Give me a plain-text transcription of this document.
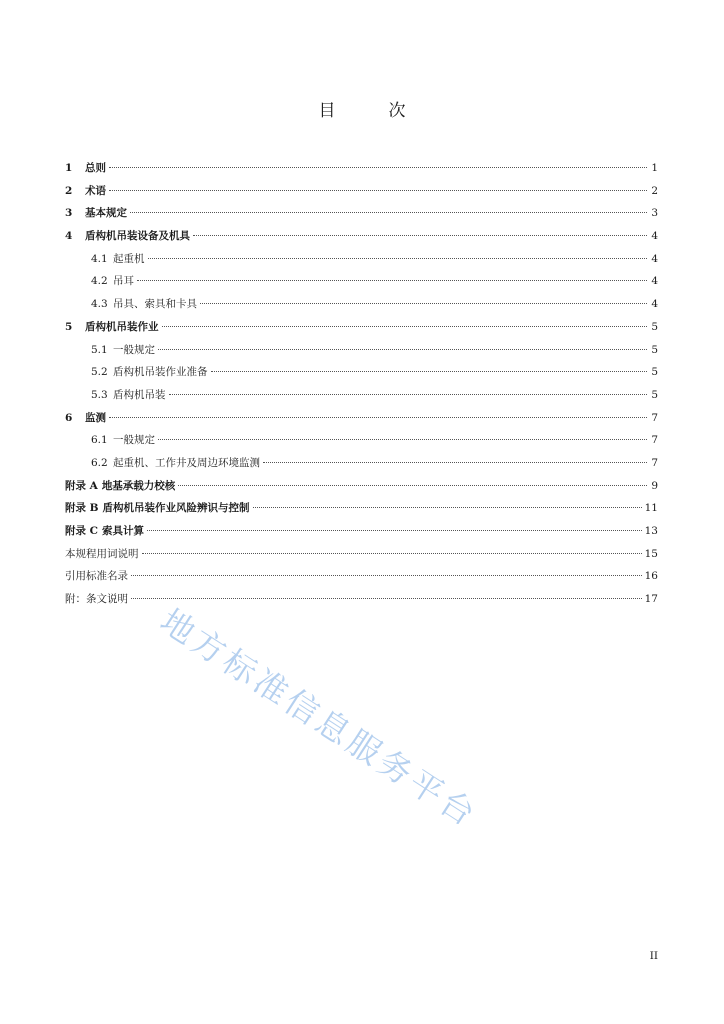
目　次
1	总则	1
2	术语	2
3	基本规定	3
4	盾构机吊装设备及机具	4
4.1 起重机	4
4.2 吊耳	4
4.3 吊具、索具和卡具	4
5	盾构机吊装作业	5
5.1 一般规定	5
5.2 盾构机吊装作业准备	5
5.3 盾构机吊装	5
6	监测	7
6.1 一般规定	7
6.2 起重机、工作井及周边环境监测	7
附录 A 地基承载力校核	9
附录 B 盾构机吊装作业风险辨识与控制	11
附录 C 索具计算	13
本规程用词说明	15
引用标准名录	16
附：条文说明	17
地方标准信息服务平台
II
